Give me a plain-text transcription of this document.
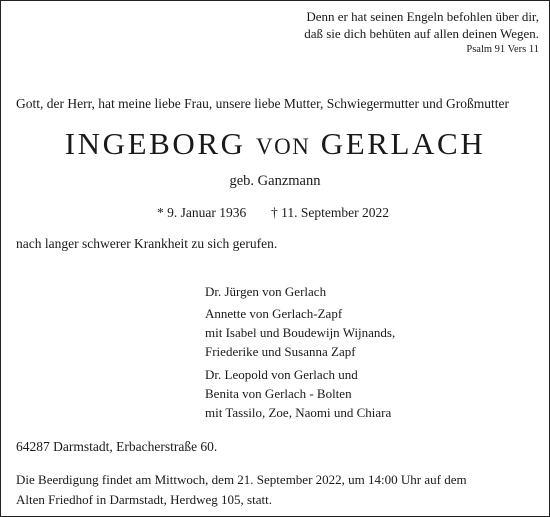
Denn er hat seinen Engeln befohlen über dir,
daß sie dich behüten auf allen deinen Wegen.
Psalm 91 Vers 11
Gott, der Herr, hat meine liebe Frau, unsere liebe Mutter, Schwiegermutter und Großmutter
INGEBORG VON GERLACH
geb. Ganzmann
* 9. Januar 1936 † 11. September 2022
nach langer schwerer Krankheit zu sich gerufen.
Dr. Jürgen von Gerlach
Annette von Gerlach-Zapf
mit Isabel und Boudewijn Wijnands,
Friederike und Susanna Zapf
Dr. Leopold von Gerlach und
Benita von Gerlach - Bolten
mit Tassilo, Zoe, Naomi und Chiara
64287 Darmstadt, Erbacherstraße 60.
Die Beerdigung findet am Mittwoch, dem 21. September 2022, um 14:00 Uhr auf dem
Alten Friedhof in Darmstadt, Herdweg 105, statt.
